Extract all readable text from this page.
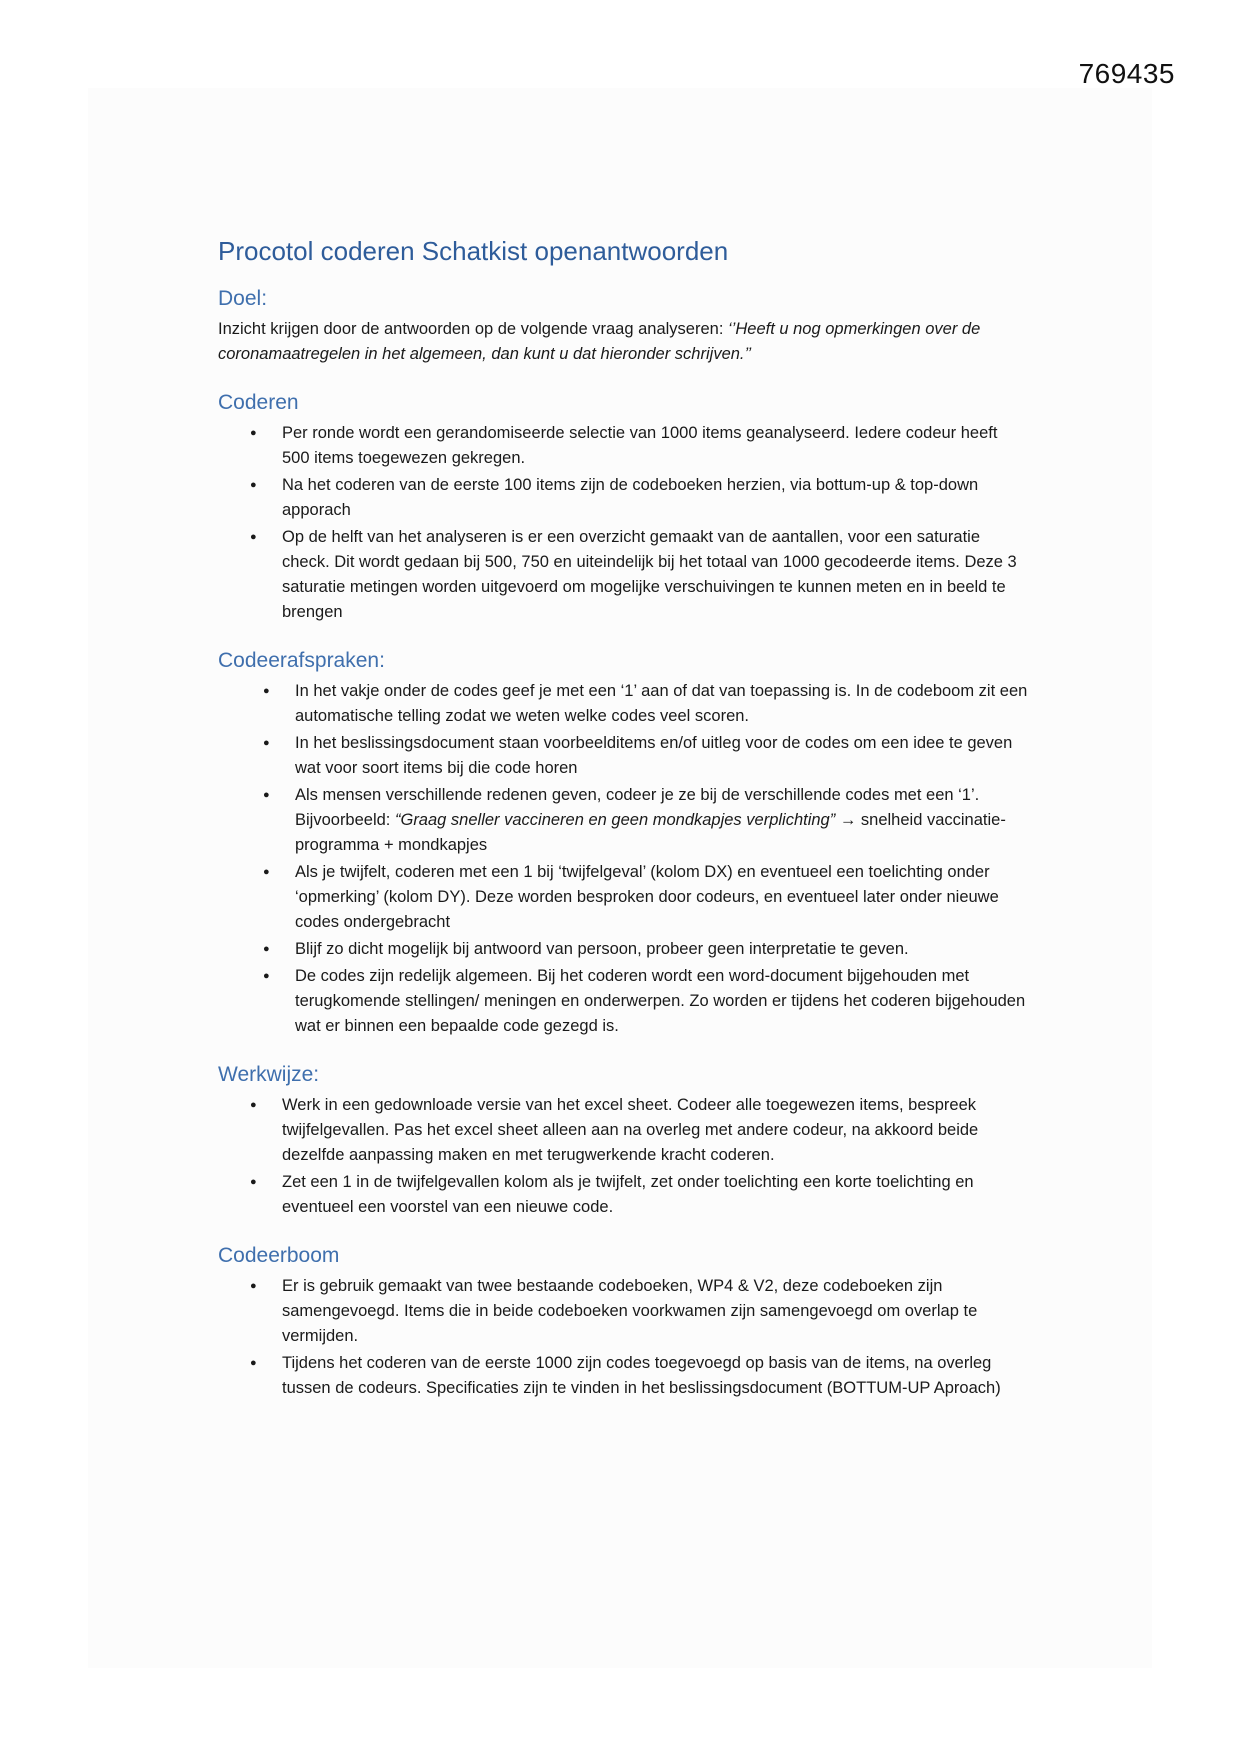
769435
Procotol coderen Schatkist openantwoorden
Doel:

Inzicht krijgen door de antwoorden op de volgende vraag analyseren: ‘’Heeft u nog opmerkingen over de coronamaatregelen in het algemeen, dan kunt u dat hieronder schrijven.’’

Coderen
● Per ronde wordt een gerandomiseerde selectie van 1000 items geanalyseerd. Iedere codeur heeft 500 items toegewezen gekregen.
● Na het coderen van de eerste 100 items zijn de codeboeken herzien, via bottum-up & top-down apporach
● Op de helft van het analyseren is er een overzicht gemaakt van de aantallen, voor een saturatie check. Dit wordt gedaan bij 500, 750 en uiteindelijk bij het totaal van 1000 gecodeerde items. Deze 3 saturatie metingen worden uitgevoerd om mogelijke verschuivingen te kunnen meten en in beeld te brengen
Codeerafspraken:
● In het vakje onder de codes geef je met een ‘1’ aan of dat van toepassing is. In de codeboom zit een automatische telling zodat we weten welke codes veel scoren.
● In het beslissingsdocument staan voorbeelditems en/of uitleg voor de codes om een idee te geven wat voor soort items bij die code horen
● Als mensen verschillende redenen geven, codeer je ze bij de verschillende codes met een ‘1’. Bijvoorbeeld: “Graag sneller vaccineren en geen mondkapjes verplichting” → snelheid vaccinatie-programma + mondkapjes
● Als je twijfelt, coderen met een 1 bij ‘twijfelgeval’ (kolom DX) en eventueel een toelichting onder ‘opmerking’ (kolom DY). Deze worden besproken door codeurs, en eventueel later onder nieuwe codes ondergebracht
● Blijf zo dicht mogelijk bij antwoord van persoon, probeer geen interpretatie te geven.
● De codes zijn redelijk algemeen. Bij het coderen wordt een word-document bijgehouden met terugkomende stellingen/ meningen en onderwerpen. Zo worden er tijdens het coderen bijgehouden wat er binnen een bepaalde code gezegd is.
Werkwijze:
● Werk in een gedownloade versie van het excel sheet. Codeer alle toegewezen items, bespreek twijfelgevallen. Pas het excel sheet alleen aan na overleg met andere codeur, na akkoord beide dezelfde aanpassing maken en met terugwerkende kracht coderen.
● Zet een 1 in de twijfelgevallen kolom als je twijfelt, zet onder toelichting een korte toelichting en eventueel een voorstel van een nieuwe code.
Codeerboom
● Er is gebruik gemaakt van twee bestaande codeboeken, WP4 & V2, deze codeboeken zijn samengevoegd. Items die in beide codeboeken voorkwamen zijn samengevoegd om overlap te vermijden.
● Tijdens het coderen van de eerste 1000 zijn codes toegevoegd op basis van de items, na overleg tussen de codeurs. Specificaties zijn te vinden in het beslissingsdocument (BOTTUM-UP Aproach)
